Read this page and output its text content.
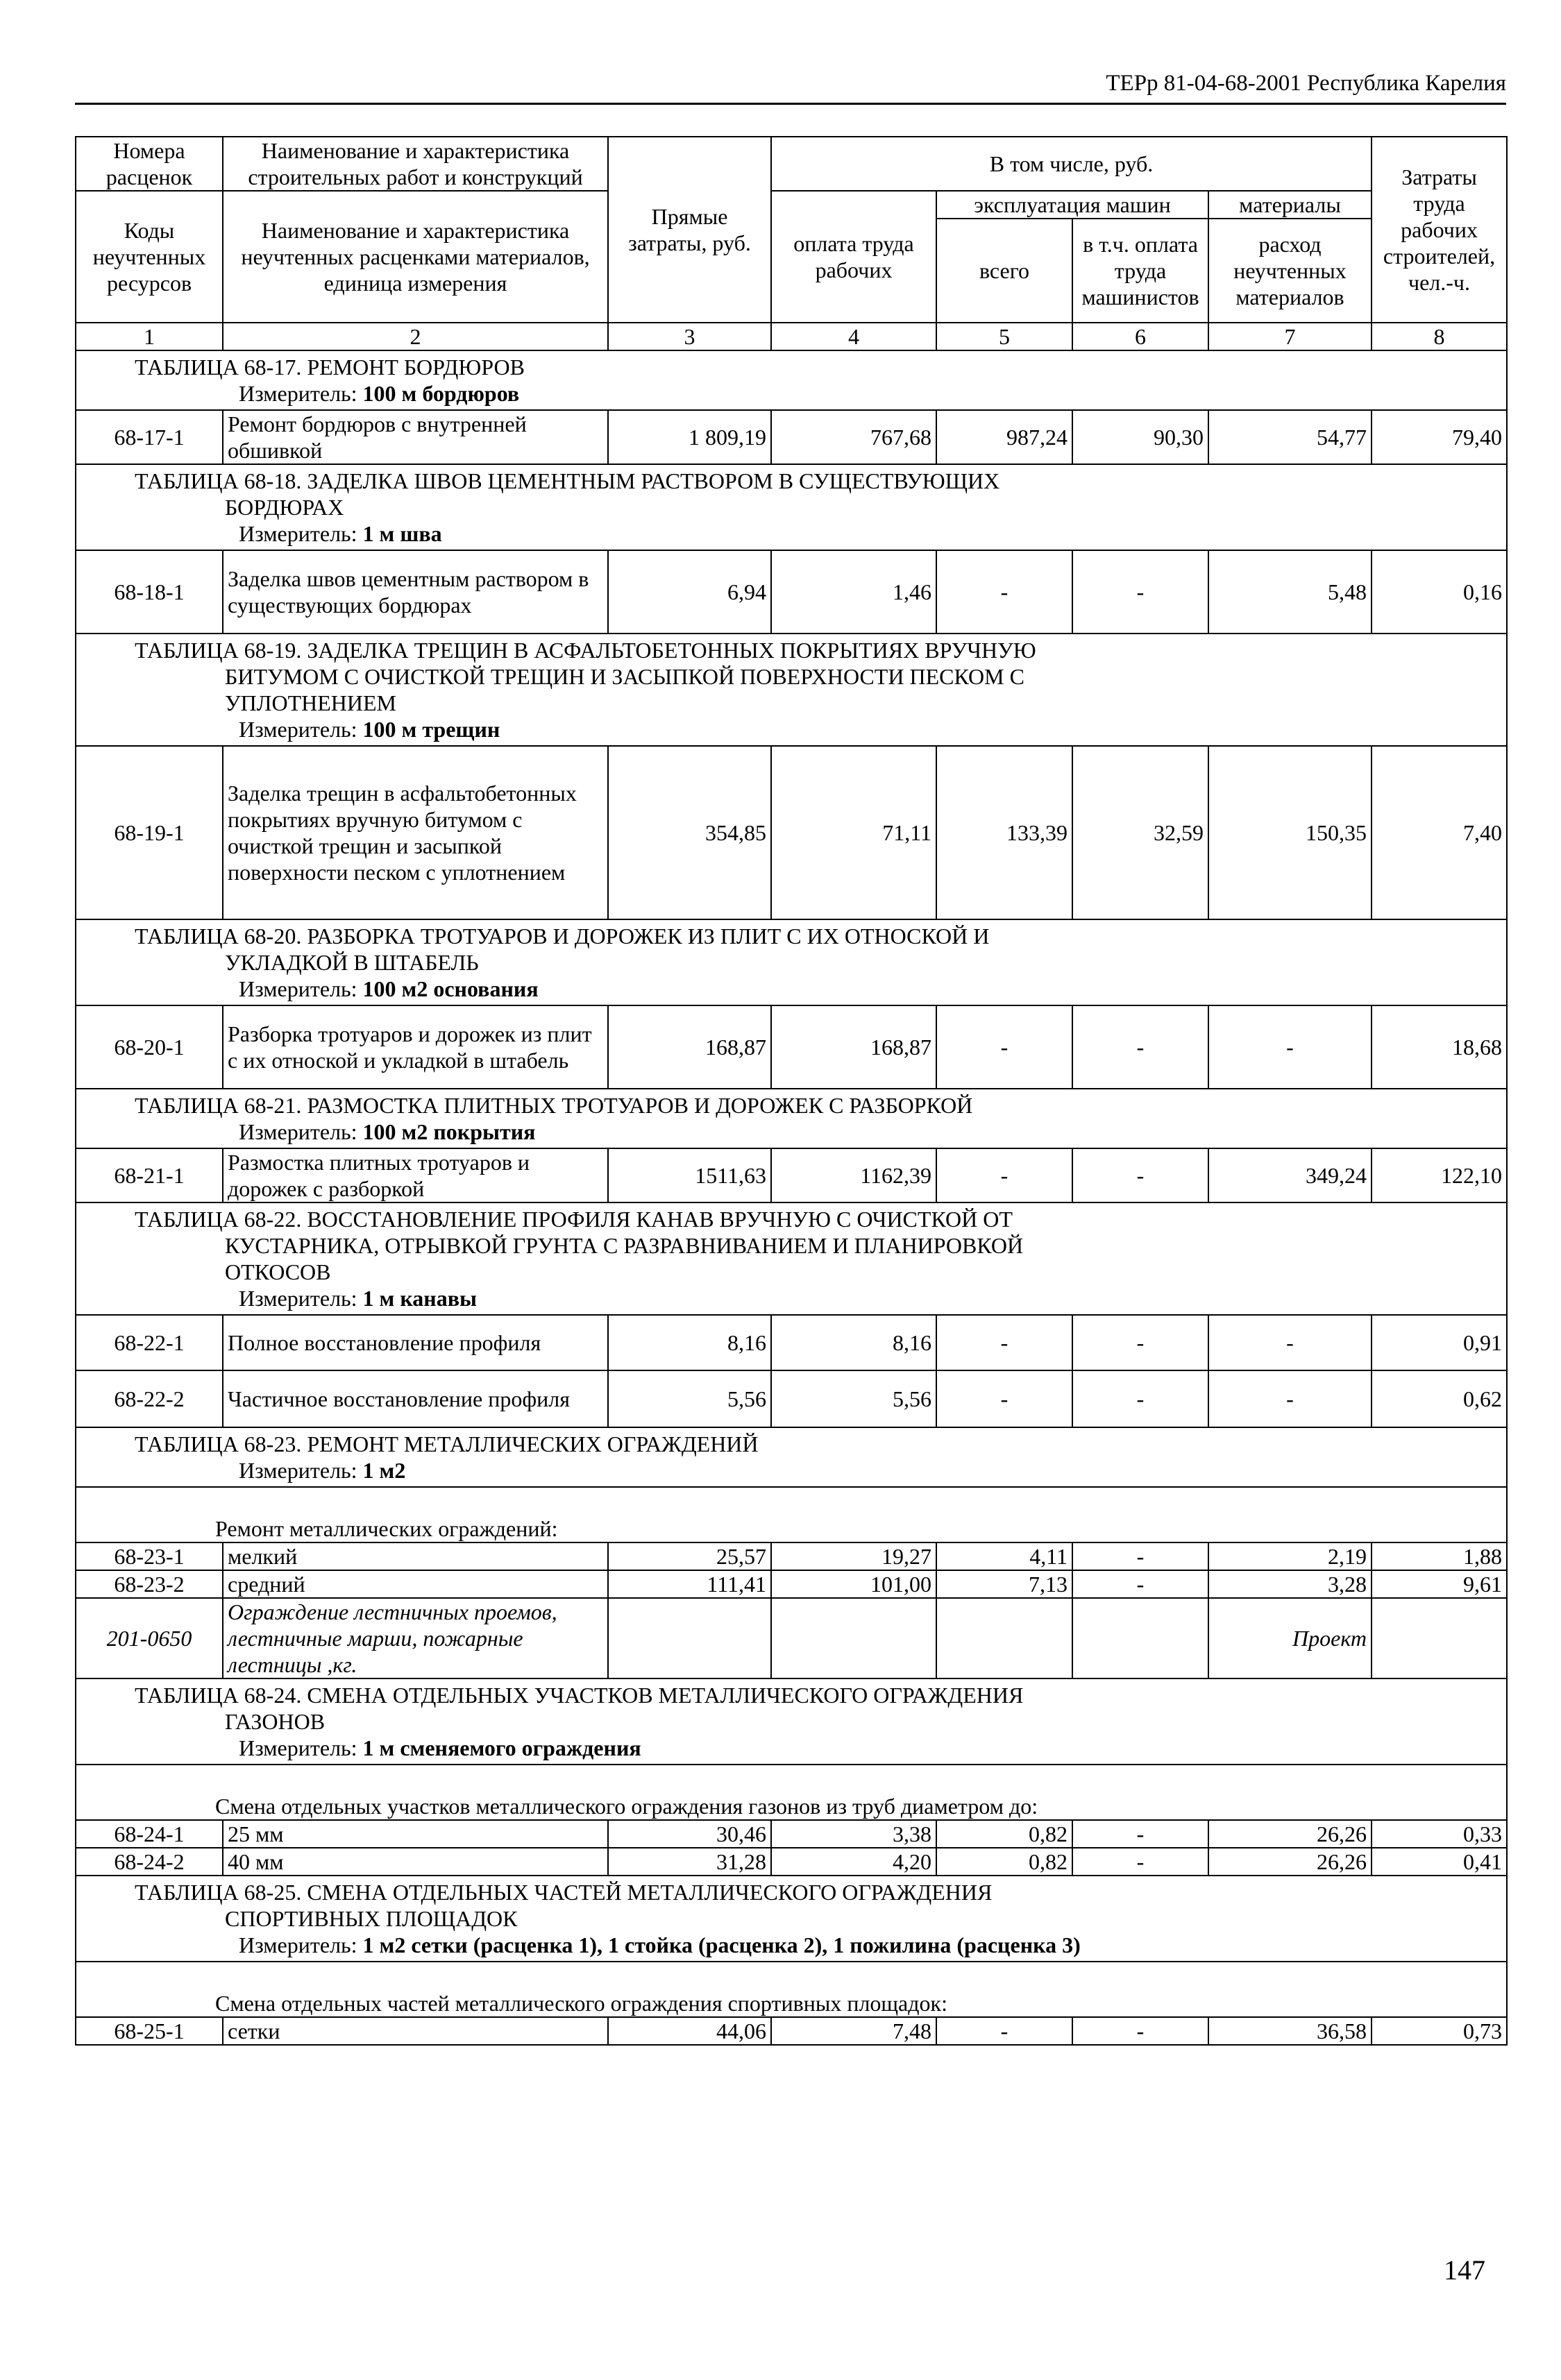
ТЕРр 81-04-68-2001 Республика Карелия
Номера расценок	Наименование и характеристика строительных работ и конструкций	Прямые затраты, руб.	В том числе, руб.				Затраты труда рабочих строителей, чел.-ч.
Коды неучтенных ресурсов	Наименование и характеристика неучтенных расценками материалов, единица измерения		оплата труда рабочих	эксплуатация машин		материалы	
				всего	в т.ч. оплата труда машинистов	расход неучтенных материалов	
1	2	3	4	5	6	7	8

ТАБЛИЦА 68-17. РЕМОНТ БОРДЮРОВ							

Измеритель: 100 м бордюров							
68-17-1	Ремонт бордюров с внутренней обшивкой	1 809,19	767,68	987,24	90,30	54,77	79,40

ТАБЛИЦА 68-18. ЗАДЕЛКА ШВОВ ЦЕМЕНТНЫМ РАСТВОРОМ В СУЩЕСТВУЮЩИХ
БОРДЮРАХ							

Измеритель: 1 м шва							
68-18-1	Заделка швов цементным раствором в существующих бордюрах	6,94	1,46	-	-	5,48	0,16

ТАБЛИЦА 68-19. ЗАДЕЛКА ТРЕЩИН В АСФАЛЬТОБЕТОННЫХ ПОКРЫТИЯХ ВРУЧНУЮ
БИТУМОМ С ОЧИСТКОЙ ТРЕЩИН И ЗАСЫПКОЙ ПОВЕРХНОСТИ ПЕСКОМ С
УПЛОТНЕНИЕМ							

Измеритель: 100 м трещин							
68-19-1	Заделка трещин в асфальтобетонных покрытиях вручную битумом с очисткой трещин и засыпкой поверхности песком с уплотнением	354,85	71,11	133,39	32,59	150,35	7,40

ТАБЛИЦА 68-20. РАЗБОРКА ТРОТУАРОВ И ДОРОЖЕК ИЗ ПЛИТ С ИХ ОТНОСКОЙ И
УКЛАДКОЙ В ШТАБЕЛЬ							

Измеритель: 100 м2 основания							
68-20-1	Разборка тротуаров и дорожек из плит с их отноской и укладкой в штабель	168,87	168,87	-	-	-	18,68

ТАБЛИЦА 68-21. РАЗМОСТКА ПЛИТНЫХ ТРОТУАРОВ И ДОРОЖЕК С РАЗБОРКОЙ							

Измеритель: 100 м2 покрытия							
68-21-1	Размостка плитных тротуаров и дорожек с разборкой	1511,63	1162,39	-	-	349,24	122,10

ТАБЛИЦА 68-22. ВОССТАНОВЛЕНИЕ ПРОФИЛЯ КАНАВ ВРУЧНУЮ С ОЧИСТКОЙ ОТ
КУСТАРНИКА, ОТРЫВКОЙ ГРУНТА С РАЗРАВНИВАНИЕМ И ПЛАНИРОВКОЙ
ОТКОСОВ							

Измеритель: 1 м канавы							
68-22-1	Полное восстановление профиля	8,16	8,16	-	-	-	0,91
68-22-2	Частичное восстановление профиля	5,56	5,56	-	-	-	0,62

ТАБЛИЦА 68-23. РЕМОНТ МЕТАЛЛИЧЕСКИХ ОГРАЖДЕНИЙ							

Измеритель: 1 м2							

Ремонт металлических ограждений:							
68-23-1	мелкий	25,57	19,27	4,11	-	2,19	1,88
68-23-2	средний	111,41	101,00	7,13	-	3,28	9,61
201-0650	Ограждение лестничных проемов, лестничные марши, пожарные лестницы ,кг.					Проект	

ТАБЛИЦА 68-24. СМЕНА ОТДЕЛЬНЫХ УЧАСТКОВ МЕТАЛЛИЧЕСКОГО ОГРАЖДЕНИЯ
ГАЗОНОВ							

Измеритель: 1 м сменяемого ограждения							

Смена отдельных участков металлического ограждения газонов из труб диаметром до:							
68-24-1	25 мм	30,46	3,38	0,82	-	26,26	0,33
68-24-2	40 мм	31,28	4,20	0,82	-	26,26	0,41

ТАБЛИЦА 68-25. СМЕНА ОТДЕЛЬНЫХ ЧАСТЕЙ МЕТАЛЛИЧЕСКОГО ОГРАЖДЕНИЯ
СПОРТИВНЫХ ПЛОЩАДОК							

Измеритель: 1 м2 сетки (расценка 1), 1 стойка (расценка 2), 1 пожилина (расценка 3)							

Смена отдельных частей металлического ограждения спортивных площадок:							
68-25-1	сетки	44,06	7,48	-	-	36,58	0,73
147
